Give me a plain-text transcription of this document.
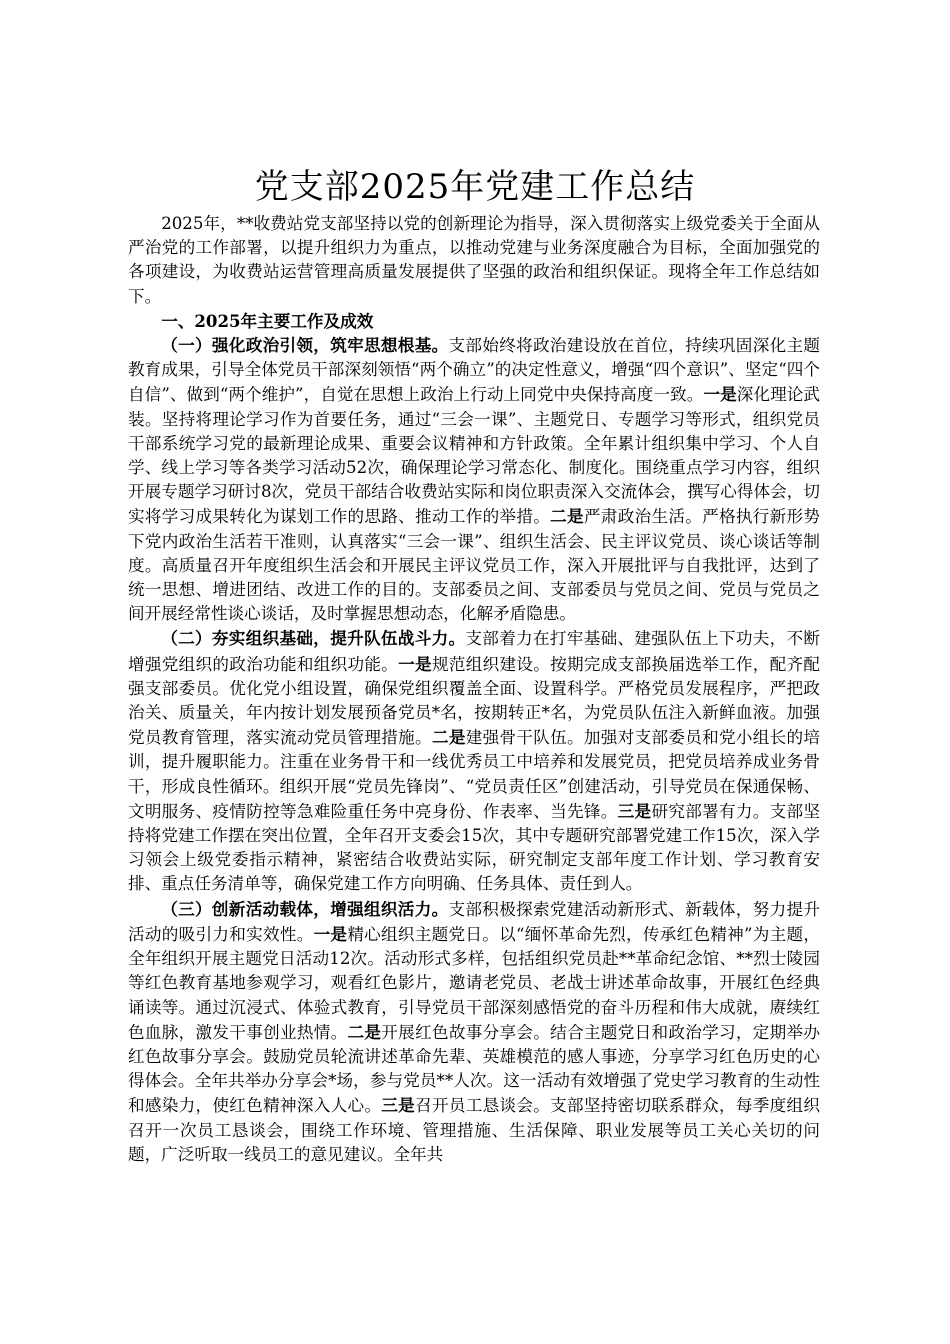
党支部2025年党建工作总结

2025年，**收费站党支部坚持以党的创新理论为指导，深入贯彻落实上级党委关于全面从严治党的工作部署，以提升组织力为重点，以推动党建与业务深度融合为目标，全面加强党的各项建设，为收费站运营管理高质量发展提供了坚强的政治和组织保证。现将全年工作总结如下。

一、2025年主要工作及成效

（一）强化政治引领，筑牢思想根基。支部始终将政治建设放在首位，持续巩固深化主题教育成果，引导全体党员干部深刻领悟“两个确立”的决定性意义，增强“四个意识”、坚定“四个自信”、做到“两个维护”，自觉在思想上政治上行动上同党中央保持高度一致。一是深化理论武装。坚持将理论学习作为首要任务，通过“三会一课”、主题党日、专题学习等形式，组织党员干部系统学习党的最新理论成果、重要会议精神和方针政策。全年累计组织集中学习、个人自学、线上学习等各类学习活动52次，确保理论学习常态化、制度化。围绕重点学习内容，组织开展专题学习研讨8次，党员干部结合收费站实际和岗位职责深入交流体会，撰写心得体会，切实将学习成果转化为谋划工作的思路、推动工作的举措。二是严肃政治生活。严格执行新形势下党内政治生活若干准则，认真落实“三会一课”、组织生活会、民主评议党员、谈心谈话等制度。高质量召开年度组织生活会和开展民主评议党员工作，深入开展批评与自我批评，达到了统一思想、增进团结、改进工作的目的。支部委员之间、支部委员与党员之间、党员与党员之间开展经常性谈心谈话，及时掌握思想动态，化解矛盾隐患。

（二）夯实组织基础，提升队伍战斗力。支部着力在打牢基础、建强队伍上下功夫，不断增强党组织的政治功能和组织功能。一是规范组织建设。按期完成支部换届选举工作，配齐配强支部委员。优化党小组设置，确保党组织覆盖全面、设置科学。严格党员发展程序，严把政治关、质量关，年内按计划发展预备党员*名，按期转正*名，为党员队伍注入新鲜血液。加强党员教育管理，落实流动党员管理措施。二是建强骨干队伍。加强对支部委员和党小组长的培训，提升履职能力。注重在业务骨干和一线优秀员工中培养和发展党员，把党员培养成业务骨干，形成良性循环。组织开展“党员先锋岗”、“党员责任区”创建活动，引导党员在保通保畅、文明服务、疫情防控等急难险重任务中亮身份、作表率、当先锋。三是研究部署有力。支部坚持将党建工作摆在突出位置，全年召开支委会15次，其中专题研究部署党建工作15次，深入学习领会上级党委指示精神，紧密结合收费站实际，研究制定支部年度工作计划、学习教育安排、重点任务清单等，确保党建工作方向明确、任务具体、责任到人。

（三）创新活动载体，增强组织活力。支部积极探索党建活动新形式、新载体，努力提升活动的吸引力和实效性。一是精心组织主题党日。以“缅怀革命先烈，传承红色精神”为主题，全年组织开展主题党日活动12次。活动形式多样，包括组织党员赴**革命纪念馆、**烈士陵园等红色教育基地参观学习，观看红色影片，邀请老党员、老战士讲述革命故事，开展红色经典诵读等。通过沉浸式、体验式教育，引导党员干部深刻感悟党的奋斗历程和伟大成就，赓续红色血脉，激发干事创业热情。二是开展红色故事分享会。结合主题党日和政治学习，定期举办红色故事分享会。鼓励党员轮流讲述革命先辈、英雄模范的感人事迹，分享学习红色历史的心得体会。全年共举办分享会*场，参与党员**人次。这一活动有效增强了党史学习教育的生动性和感染力，使红色精神深入人心。三是召开员工恳谈会。支部坚持密切联系群众，每季度组织召开一次员工恳谈会，围绕工作环境、管理措施、生活保障、职业发展等员工关心关切的问题，广泛听取一线员工的意见建议。全年共
